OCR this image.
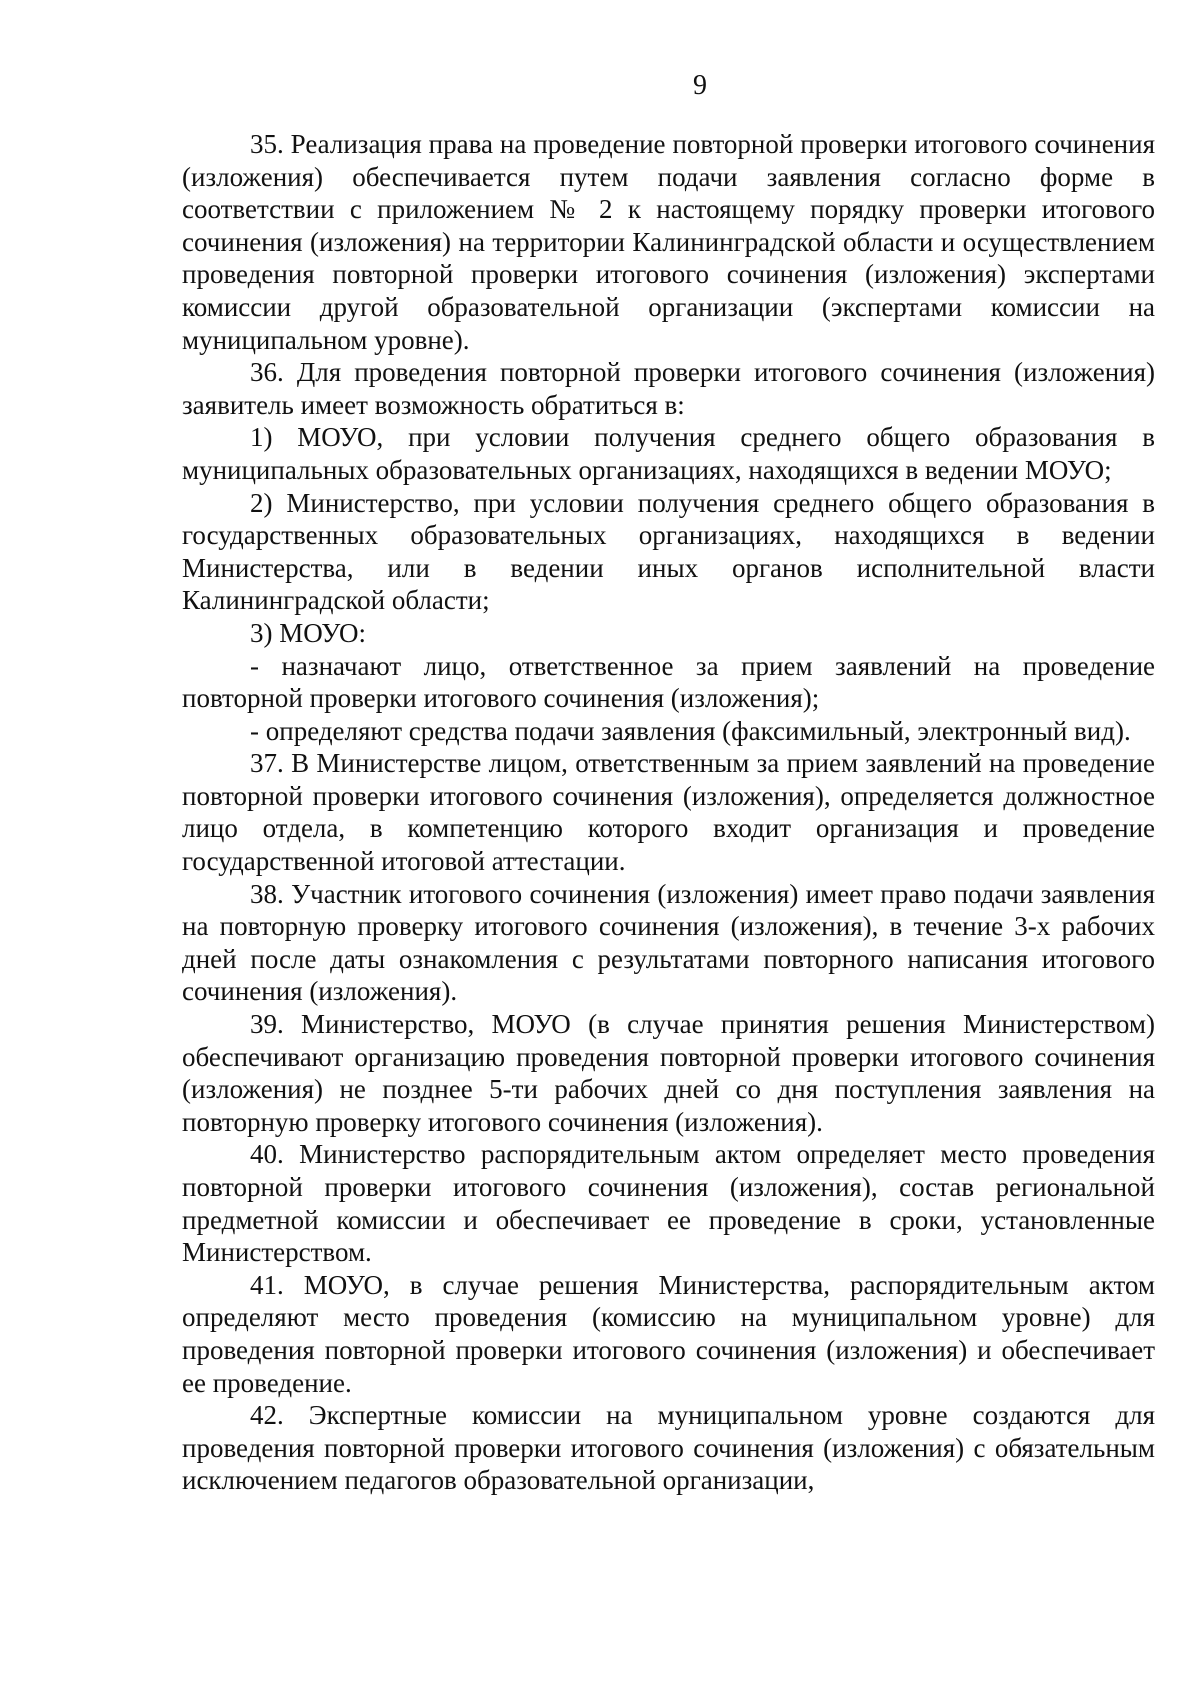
9

35. Реализация права на проведение повторной проверки итогового сочинения (изложения) обеспечивается путем подачи заявления согласно форме в соответствии с приложением № 2 к настоящему порядку проверки итогового сочинения (изложения) на территории Калининградской области и осуществлением проведения повторной проверки итогового сочинения (изложения) экспертами комиссии другой образовательной организации (экспертами комиссии на муниципальном уровне).

36. Для проведения повторной проверки итогового сочинения (изложения) заявитель имеет возможность обратиться в:

1) МОУО, при условии получения среднего общего образования в муниципальных образовательных организациях, находящихся в ведении МОУО;

2) Министерство, при условии получения среднего общего образования в государственных образовательных организациях, находящихся в ведении Министерства, или в ведении иных органов исполнительной власти Калининградской области;

3) МОУО:

- назначают лицо, ответственное за прием заявлений на проведение повторной проверки итогового сочинения (изложения);

- определяют средства подачи заявления (факсимильный, электронный вид).

37. В Министерстве лицом, ответственным за прием заявлений на проведение повторной проверки итогового сочинения (изложения), определяется должностное лицо отдела, в компетенцию которого входит организация и проведение государственной итоговой аттестации.

38. Участник итогового сочинения (изложения) имеет право подачи заявления на повторную проверку итогового сочинения (изложения), в течение 3-х рабочих дней после даты ознакомления с результатами повторного написания итогового сочинения (изложения).

39. Министерство, МОУО (в случае принятия решения Министерством) обеспечивают организацию проведения повторной проверки итогового сочинения (изложения) не позднее 5-ти рабочих дней со дня поступления заявления на повторную проверку итогового сочинения (изложения).

40. Министерство распорядительным актом определяет место проведения повторной проверки итогового сочинения (изложения), состав региональной предметной комиссии и обеспечивает ее проведение в сроки, установленные Министерством.

41. МОУО, в случае решения Министерства, распорядительным актом определяют место проведения (комиссию на муниципальном уровне) для проведения повторной проверки итогового сочинения (изложения) и обеспечивает ее проведение.

42. Экспертные комиссии на муниципальном уровне создаются для проведения повторной проверки итогового сочинения (изложения) с обязательным исключением педагогов образовательной организации,
